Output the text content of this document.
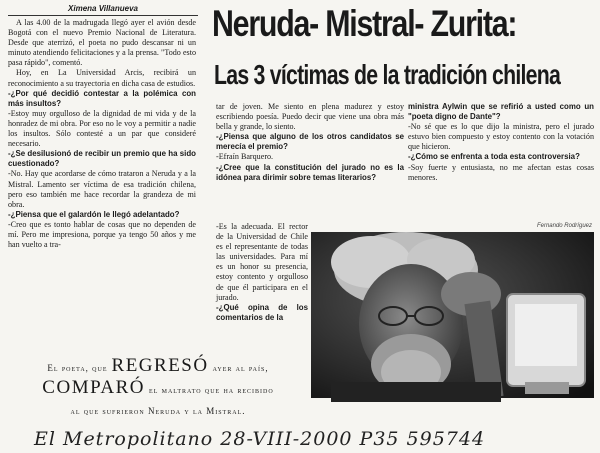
Ximena Villanueva

A las 4.00 de la madrugada llegó ayer el avión desde Bogotá con el nuevo Premio Nacional de Literatura. Desde que aterrizó, el poeta no pudo descansar ni un minuto atendiendo felicitaciones y a la prensa. "Todo esto pasa rápido", comentó.

Hoy, en La Universidad Arcis, recibirá un reconocimiento a su trayectoria en dicha casa de estudios.

-¿Por qué decidió contestar a la polémica con más insultos?

-Estoy muy orgulloso de la dignidad de mi vida y de la honradez de mi obra. Por eso no le voy a permitir a nadie los insultos. Sólo contesté a un par que consideré necesario.

-¿Se desilusionó de recibir un premio que ha sido cuestionado?

-No. Hay que acordarse de cómo trataron a Neruda y a la Mistral. Lamento ser víctima de esa tradición chilena, pero eso también me hace recordar la grandeza de mi obra.

-¿Piensa que el galardón le llegó adelantado?

-Creo que es tonto hablar de cosas que no dependen de mí. Pero me impresiona, porque ya tengo 50 años y me han vuelto a tra-

Neruda- Mistral- Zurita:
Las 3 víctimas de la tradición chilena

tar de joven. Me siento en plena madurez y estoy escribiendo poesía. Puedo decir que viene una obra más bella y grande, lo siento.

-¿Piensa que alguno de los otros candidatos se merecía el premio?

-Efraín Barquero.

-¿Cree que la constitución del jurado no es la idónea para dirimir sobre temas literarios?

-Es la adecuada. El rector de la Universidad de Chile es el representante de todas las universidades. Para mí es un honor su presencia, estoy contento y orgulloso de que él participara en el jurado.

-¿Qué opina de los comentarios de la

ministra Aylwin que se refirió a usted como un "poeta digno de Dante"?

-No sé que es lo que dijo la ministra, pero el jurado estuvo bien compuesto y estoy contento con la votación que hicieron.

-¿Cómo se enfrenta a toda esta controversia?

-Soy fuerte y entusiasta, no me afectan estas cosas menores.

Fernando Rodríguez
El poeta, que REGRESÓ ayer al país,
COMPARÓ el maltrato que ha recibido
al que sufrieron Neruda y la Mistral.
El Metropolitano 28-VIII-2000 P35 595744
